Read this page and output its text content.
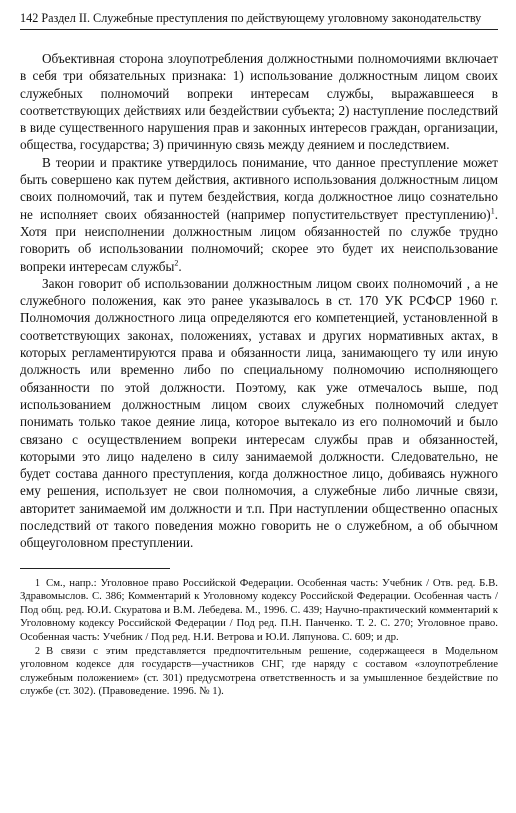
142 Раздел II. Служебные преступления по действующему уголовному законодательству

Объективная сторона злоупотребления должностными полномочиями включает в себя три обязательных признака: 1) использование должностным лицом своих служебных полномочий вопреки интересам службы, выражавшееся в соответствующих действиях или бездействии субъекта; 2) наступление последствий в виде существенного нарушения прав и законных интересов граждан, организации, общества, государства; 3) причинную связь между деянием и последствием.

В теории и практике утвердилось понимание, что данное преступление может быть совершено как путем действия, активного использования должностным лицом своих полномочий, так и путем бездействия, когда должностное лицо сознательно не исполняет своих обязанностей (например попустительствует преступлению)$^1$. Хотя при неисполнении должностным лицом обязанностей по службе трудно говорить об использовании полномочий; скорее это будет их неиспользование вопреки интересам службы$^2$.

Закон говорит об использовании должностным лицом своих полномочий , а не служебного положения, как это ранее указывалось в ст. 170 УК РСФСР 1960 г. Полномочия должностного лица определяются его компетенцией, установленной в соответствующих законах, положениях, уставах и других нормативных актах, в которых регламентируются права и обязанности лица, занимающего ту или иную должность или временно либо по специальному полномочию исполняющего обязанности по этой должности. Поэтому, как уже отмечалось выше, под использованием должностным лицом своих служебных полномочий следует понимать только такое деяние лица, которое вытекало из его полномочий и было связано с осуществлением вопреки интересам службы прав и обязанностей, которыми это лицо наделено в силу занимаемой должности. Следовательно, не будет состава данного преступления, когда должностное лицо, добиваясь нужного ему решения, использует не свои полномочия, а служебные либо личные связи, авторитет занимаемой им должности и т.п. При наступлении общественно опасных последствий от такого поведения можно говорить не о служебном, а об обычном общеуголовном преступлении.

1 См., напр.: Уголовное право Российской Федерации. Особенная часть: Учебник / Отв. ред. Б.В. Здравомыслов. С. 386; Комментарий к Уголовному кодексу Российской Федерации. Особенная часть / Под общ. ред. Ю.И. Скуратова и В.М. Лебедева. М., 1996. С. 439; Научно-практический комментарий к Уголовному кодексу Российской Федерации / Под ред. П.Н. Панченко. Т. 2. С. 270; Уголовное право. Особенная часть: Учебник / Под ред. Н.И. Ветрова и Ю.И. Ляпунова. С. 609; и др.

2 В связи с этим представляется предпочтительным решение, содержащееся в Модельном уголовном кодексе для государств—участников СНГ, где наряду с составом «злоупотребление служебным положением» (ст. 301) предусмотрена ответственность и за умышленное бездействие по службе (ст. 302). (Правоведение. 1996. № 1).
